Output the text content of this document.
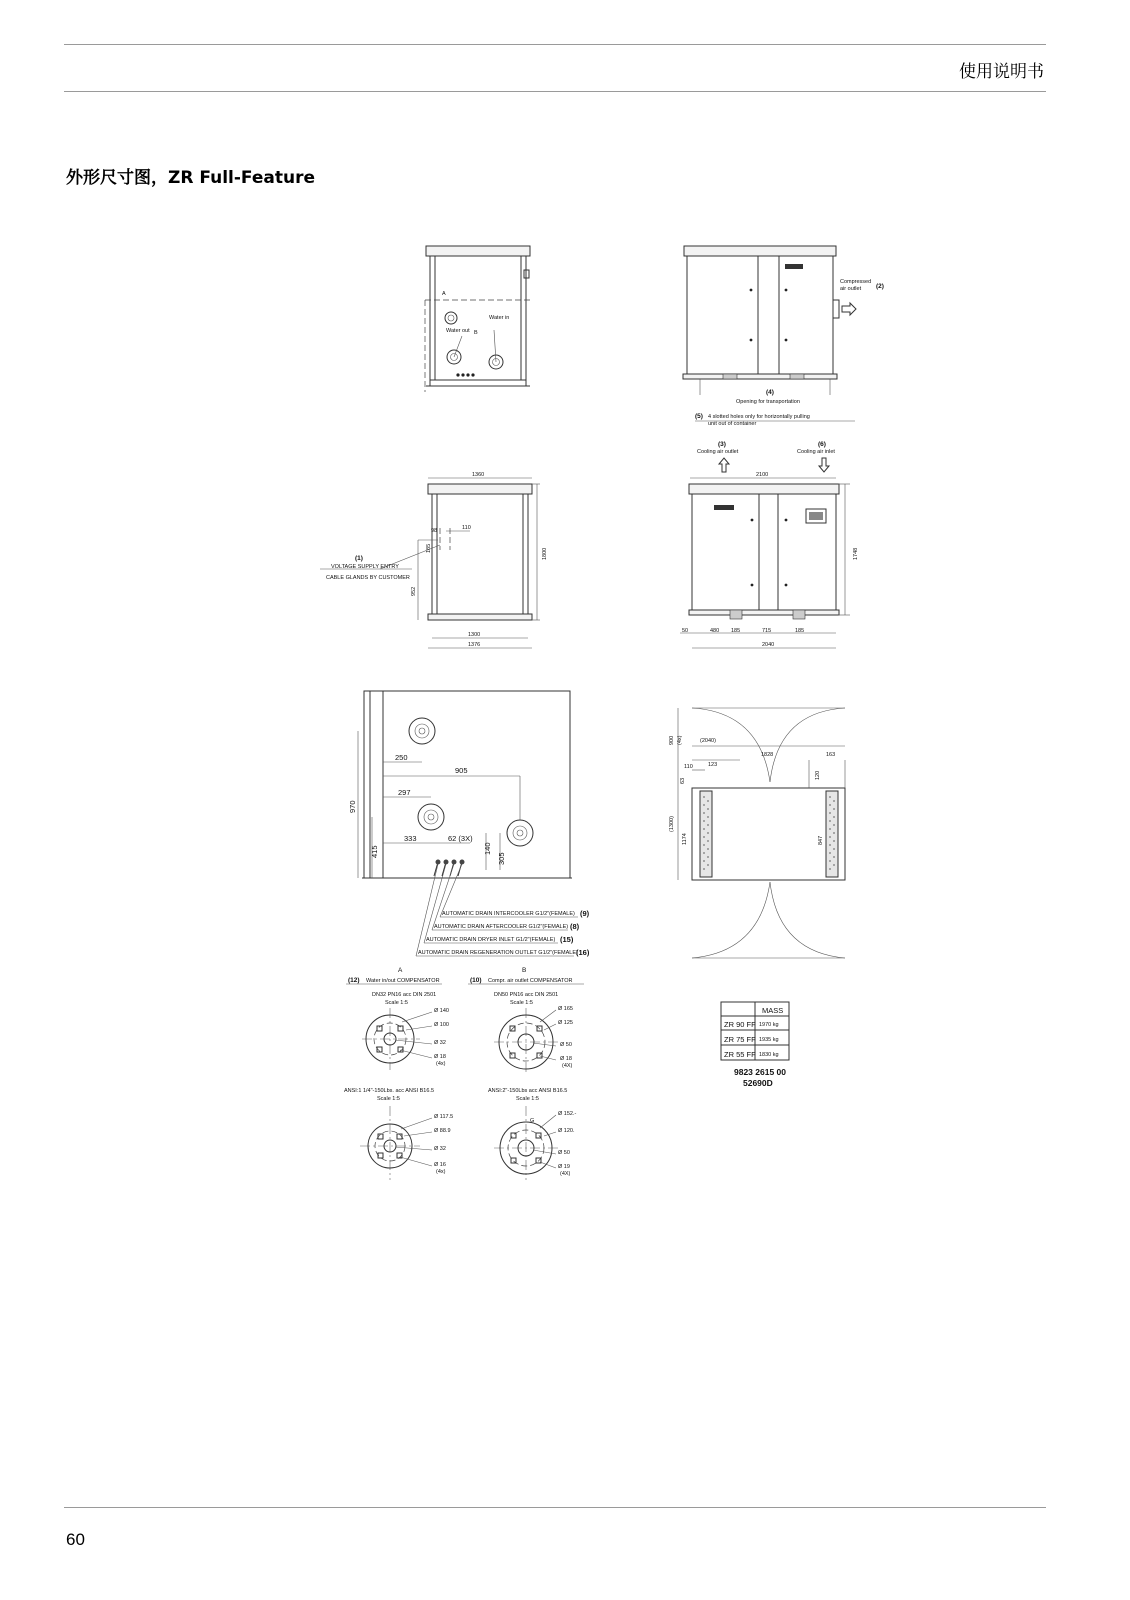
使用说明书
外形尺寸图，ZR Full-Feature
A
B
Water out
Water in
Compressed
air outlet (2)
(4)
Opening for transportation
(5) 4 slotted holes only for horizontally pulling
unit out of container
1360
98	110
185	1800
952
1300
1376
(1)
VOLTAGE SUPPLY ENTRY
CABLE GLANDS BY CUSTOMER
(3)
Cooling air outlet
(6)
Cooling air inlet
2100
1748
50	480 185	715	185
2040
250
905
297
970
333	62 (3X)
415	140
305
AUTOMATIC DRAIN INTERCOOLER G1/2"(FEMALE) (9)
AUTOMATIC DRAIN AFTERCOOLER G1/2"(FEMALE) (8)
AUTOMATIC DRAIN DRYER INLET G1/2"(FEMALE) (15)
AUTOMATIC DRAIN REGENERATION OUTLET G1/2"(FEMALE)
(16)
900 (4x)	(2040)
1828	163
110	123
63
120
(1300)
1174	847
A
(12) Water in/out COMPENSATOR
DN32 PN16 acc DIN 2501
Scale 1:5
Ø 140
Ø 100
Ø 32
Ø 18
(4x)
ANSI:1 1/4"-150Lbs. acc ANSI B16.5
Scale 1:5
Ø 117.5
Ø 88.9
Ø 32
Ø 16
(4x)
B
(10) Compr. air outlet COMPENSATOR
DN50 PN16 acc DIN 2501
Scale 1:5
Ø 165
Ø 125
Ø 50
Ø 18
(4X)
ANSI:2"-150Lbs acc ANSI B16.5
Scale 1:5
Ø 152.-
G
Ø 120.
Ø 50
Ø 19
(4X)
MASS
ZR 90 FF 1970 kg
ZR 75 FF 1935 kg
ZR 55 FF 1830 kg
9823 2615 00
52690D
60
